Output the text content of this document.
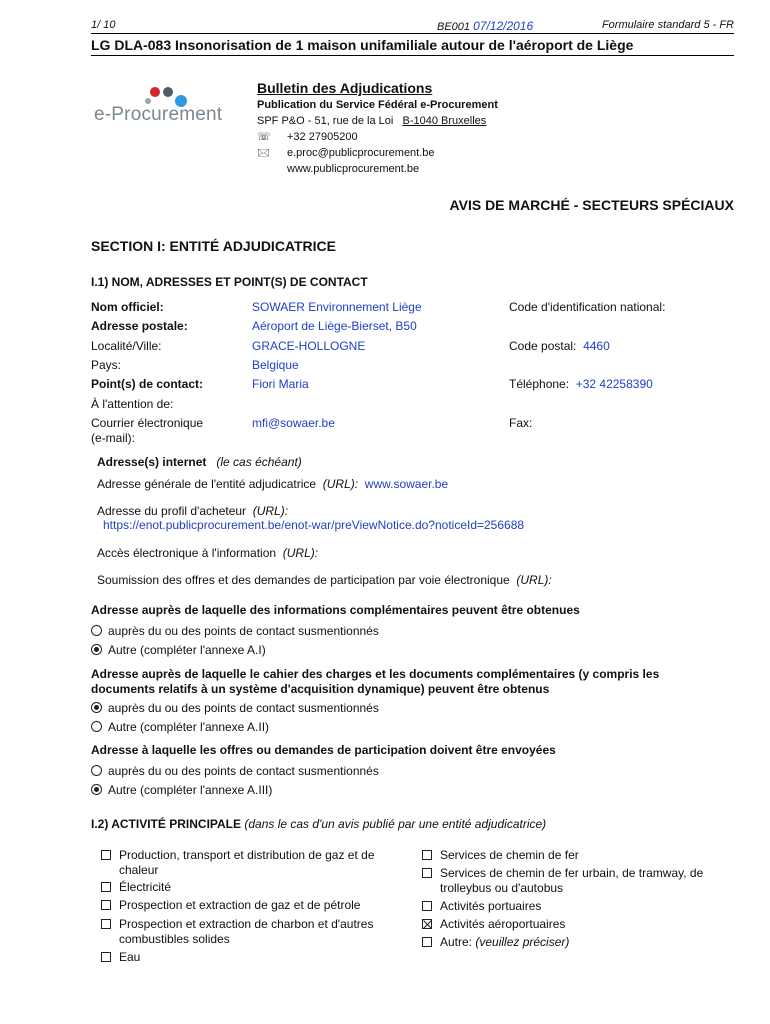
1/ 10	BE001 07/12/2016	Formulaire standard 5 - FR
LG DLA-083 Insonorisation de 1 maison unifamiliale autour de l'aéroport de Liège
e-Procurement
Bulletin des Adjudications
Publication du Service Fédéral e-Procurement
SPF P&O - 51, rue de la Loi B-1040 Bruxelles
☏ +32 27905200
🖂 e.proc@publicprocurement.be
www.publicprocurement.be
AVIS DE MARCHÉ - SECTEURS SPÉCIAUX
SECTION I: ENTITÉ ADJUDICATRICE
I.1) NOM, ADRESSES ET POINT(S) DE CONTACT
Nom officiel:	SOWAER Environnement Liège	Code d'identification national:
Adresse postale:	Aéroport de Liège-Bierset, B50
Localité/Ville:	GRACE-HOLLOGNE	Code postal: 4460
Pays:	Belgique
Point(s) de contact:	Fiori Maria	Téléphone: +32 42258390
À l'attention de:
Courrier électronique
(e-mail):
mfi@sowaer.be	Fax:
Adresse(s) internet (le cas échéant)
Adresse générale de l'entité adjudicatrice (URL): www.sowaer.be
Adresse du profil d'acheteur (URL):
https://enot.publicprocurement.be/enot-war/preViewNotice.do?noticeId=256688
Accès électronique à l'information (URL):
Soumission des offres et des demandes de participation par voie électronique (URL):
Adresse auprès de laquelle des informations complémentaires peuvent être obtenues
auprès du ou des points de contact susmentionnés
Autre (compléter l'annexe A.I)
Adresse auprès de laquelle le cahier des charges et les documents complémentaires (y compris les
documents relatifs à un système d'acquisition dynamique) peuvent être obtenus
auprès du ou des points de contact susmentionnés
Autre (compléter l'annexe A.II)
Adresse à laquelle les offres ou demandes de participation doivent être envoyées
auprès du ou des points de contact susmentionnés
Autre (compléter l'annexe A.III)
I.2) ACTIVITÉ PRINCIPALE (dans le cas d'un avis publié par une entité adjudicatrice)
Production, transport et distribution de gaz et de
chaleur
Électricité
Prospection et extraction de gaz et de pétrole
Prospection et extraction de charbon et d'autres
combustibles solides
Eau
Services de chemin de fer
Services de chemin de fer urbain, de tramway, de
trolleybus ou d'autobus
Activités portuaires
Activités aéroportuaires
Autre: (veuillez préciser)
